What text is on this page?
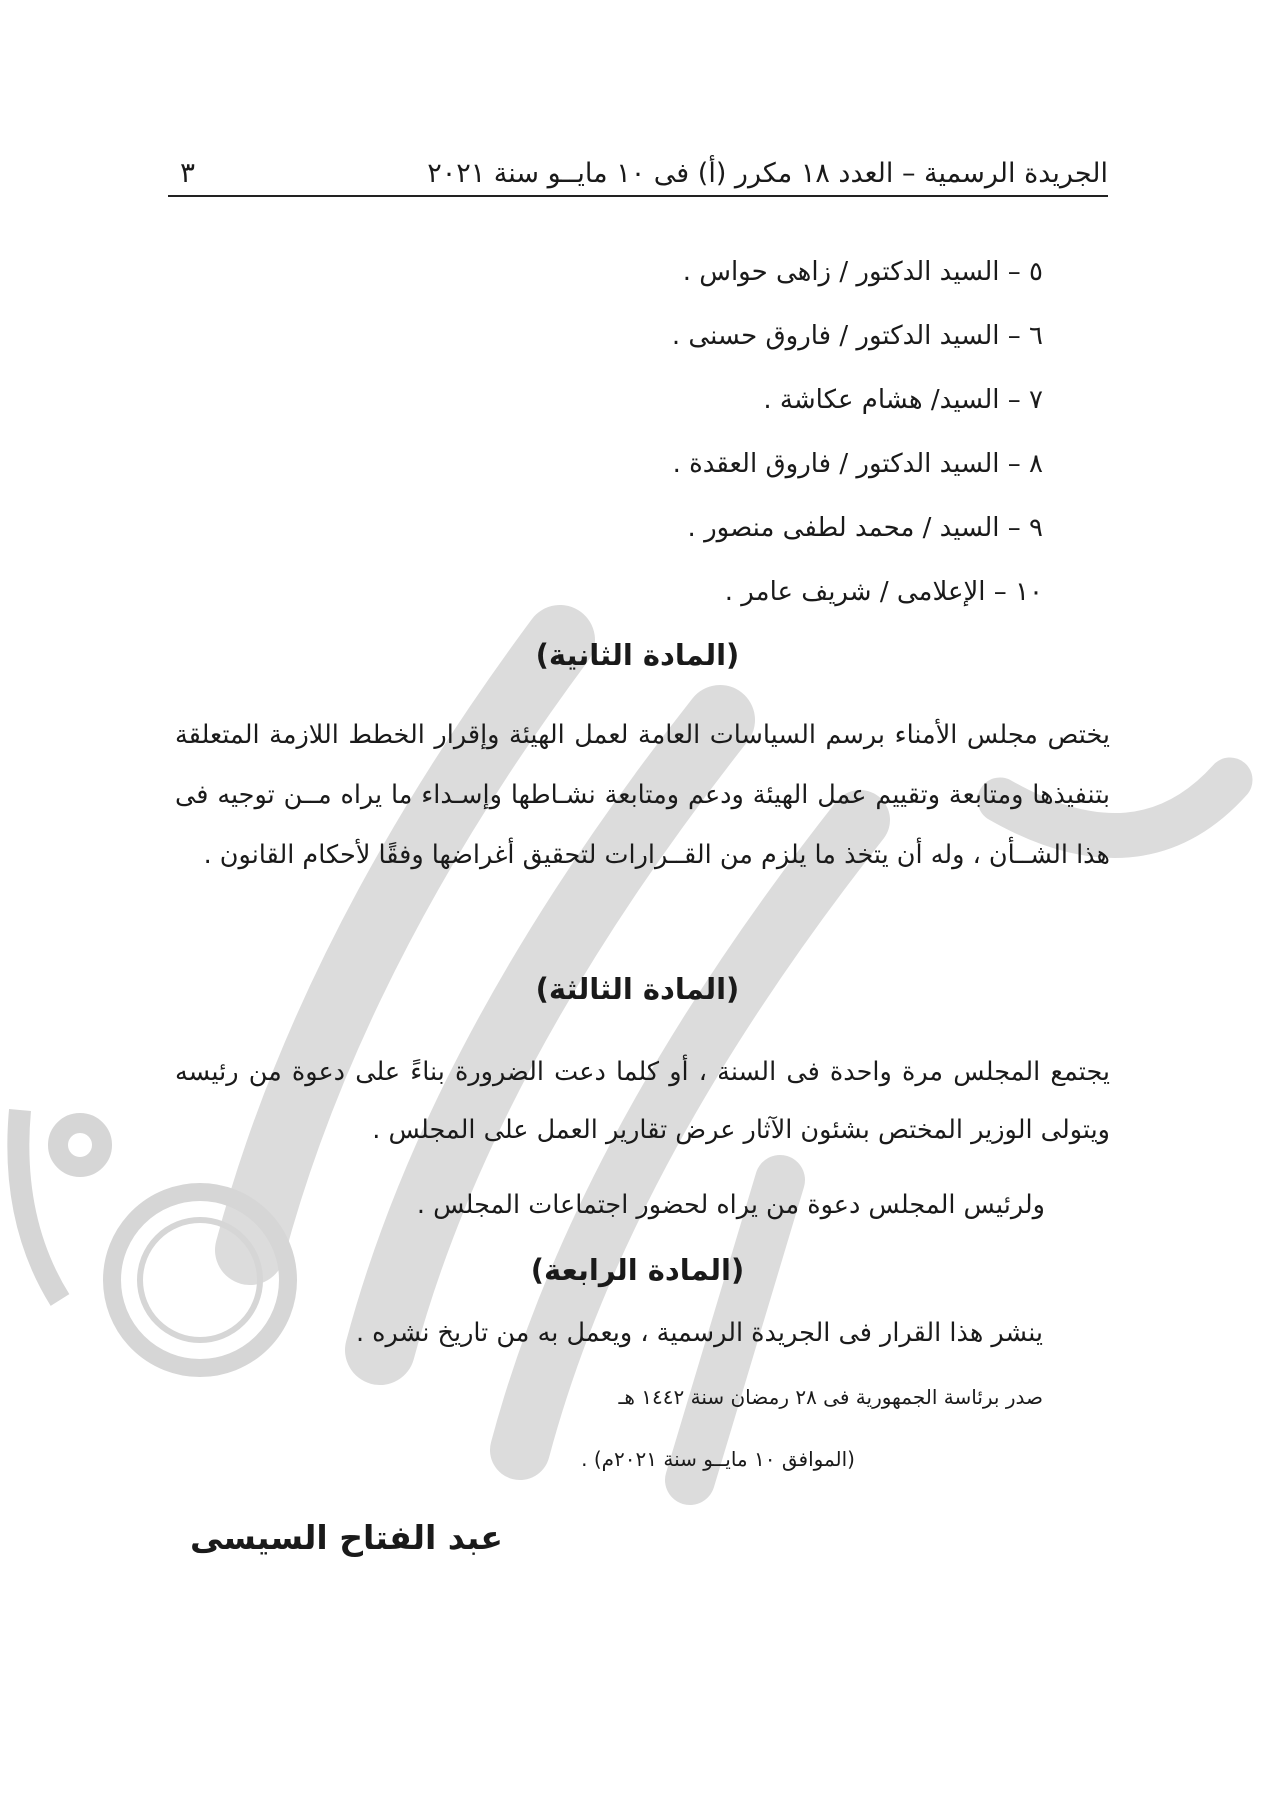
الجريدة الرسمية – العدد ١٨ مكرر (أ) فى ١٠ مايــو سنة ٢٠٢١
٣
٥ – السيد الدكتور / زاهى حواس .
٦ – السيد الدكتور / فاروق حسنى .
٧ – السيد/ هشام عكاشة .
٨ – السيد الدكتور / فاروق العقدة .
٩ – السيد / محمد لطفى منصور .
١٠ – الإعلامى / شريف عامر .
(المادة الثانية)
يختص مجلس الأمناء برسم السياسات العامة لعمل الهيئة وإقرار الخطط اللازمة المتعلقة بتنفيذها ومتابعة وتقييم عمل الهيئة ودعم ومتابعة نشـاطها وإسـداء ما يراه مــن توجيه فى هذا الشــأن ، وله أن يتخذ ما يلزم من القــرارات لتحقيق أغراضها وفقًا لأحكام القانون .
(المادة الثالثة)
يجتمع المجلس مرة واحدة فى السنة ، أو كلما دعت الضرورة بناءً على دعوة من رئيسه ويتولى الوزير المختص بشئون الآثار عرض تقارير العمل على المجلس .
ولرئيس المجلس دعوة من يراه لحضور اجتماعات المجلس .
(المادة الرابعة)
ينشر هذا القرار فى الجريدة الرسمية ، ويعمل به من تاريخ نشره .
صدر برئاسة الجمهورية فى ٢٨ رمضان سنة ١٤٤٢ هـ
(الموافق ١٠ مايــو سنة ٢٠٢١م) .
عبد الفتاح السيسى
